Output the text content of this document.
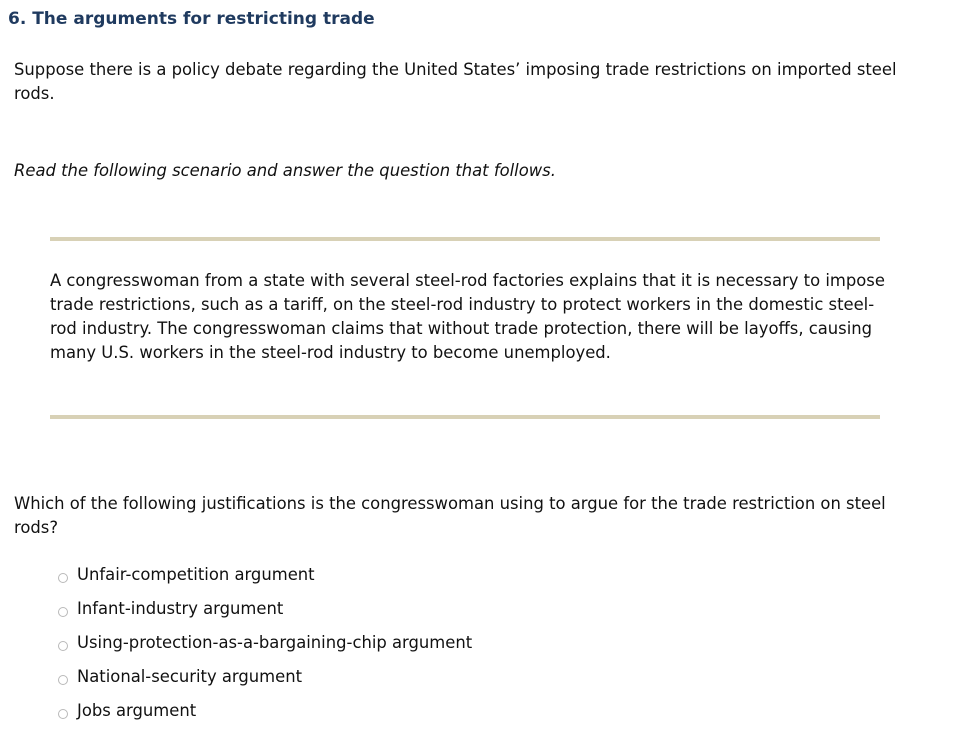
6. The arguments for restricting trade
Suppose there is a policy debate regarding the United States’ imposing trade restrictions on imported steel rods.
Read the following scenario and answer the question that follows.
A congresswoman from a state with several steel-rod factories explains that it is necessary to impose trade restrictions, such as a tariff, on the steel-rod industry to protect workers in the domestic steel-rod industry. The congresswoman claims that without trade protection, there will be layoffs, causing many U.S. workers in the steel-rod industry to become unemployed.
Which of the following justifications is the congresswoman using to argue for the trade restriction on steel rods?
Unfair-competition argument
Infant-industry argument
Using-protection-as-a-bargaining-chip argument
National-security argument
Jobs argument
